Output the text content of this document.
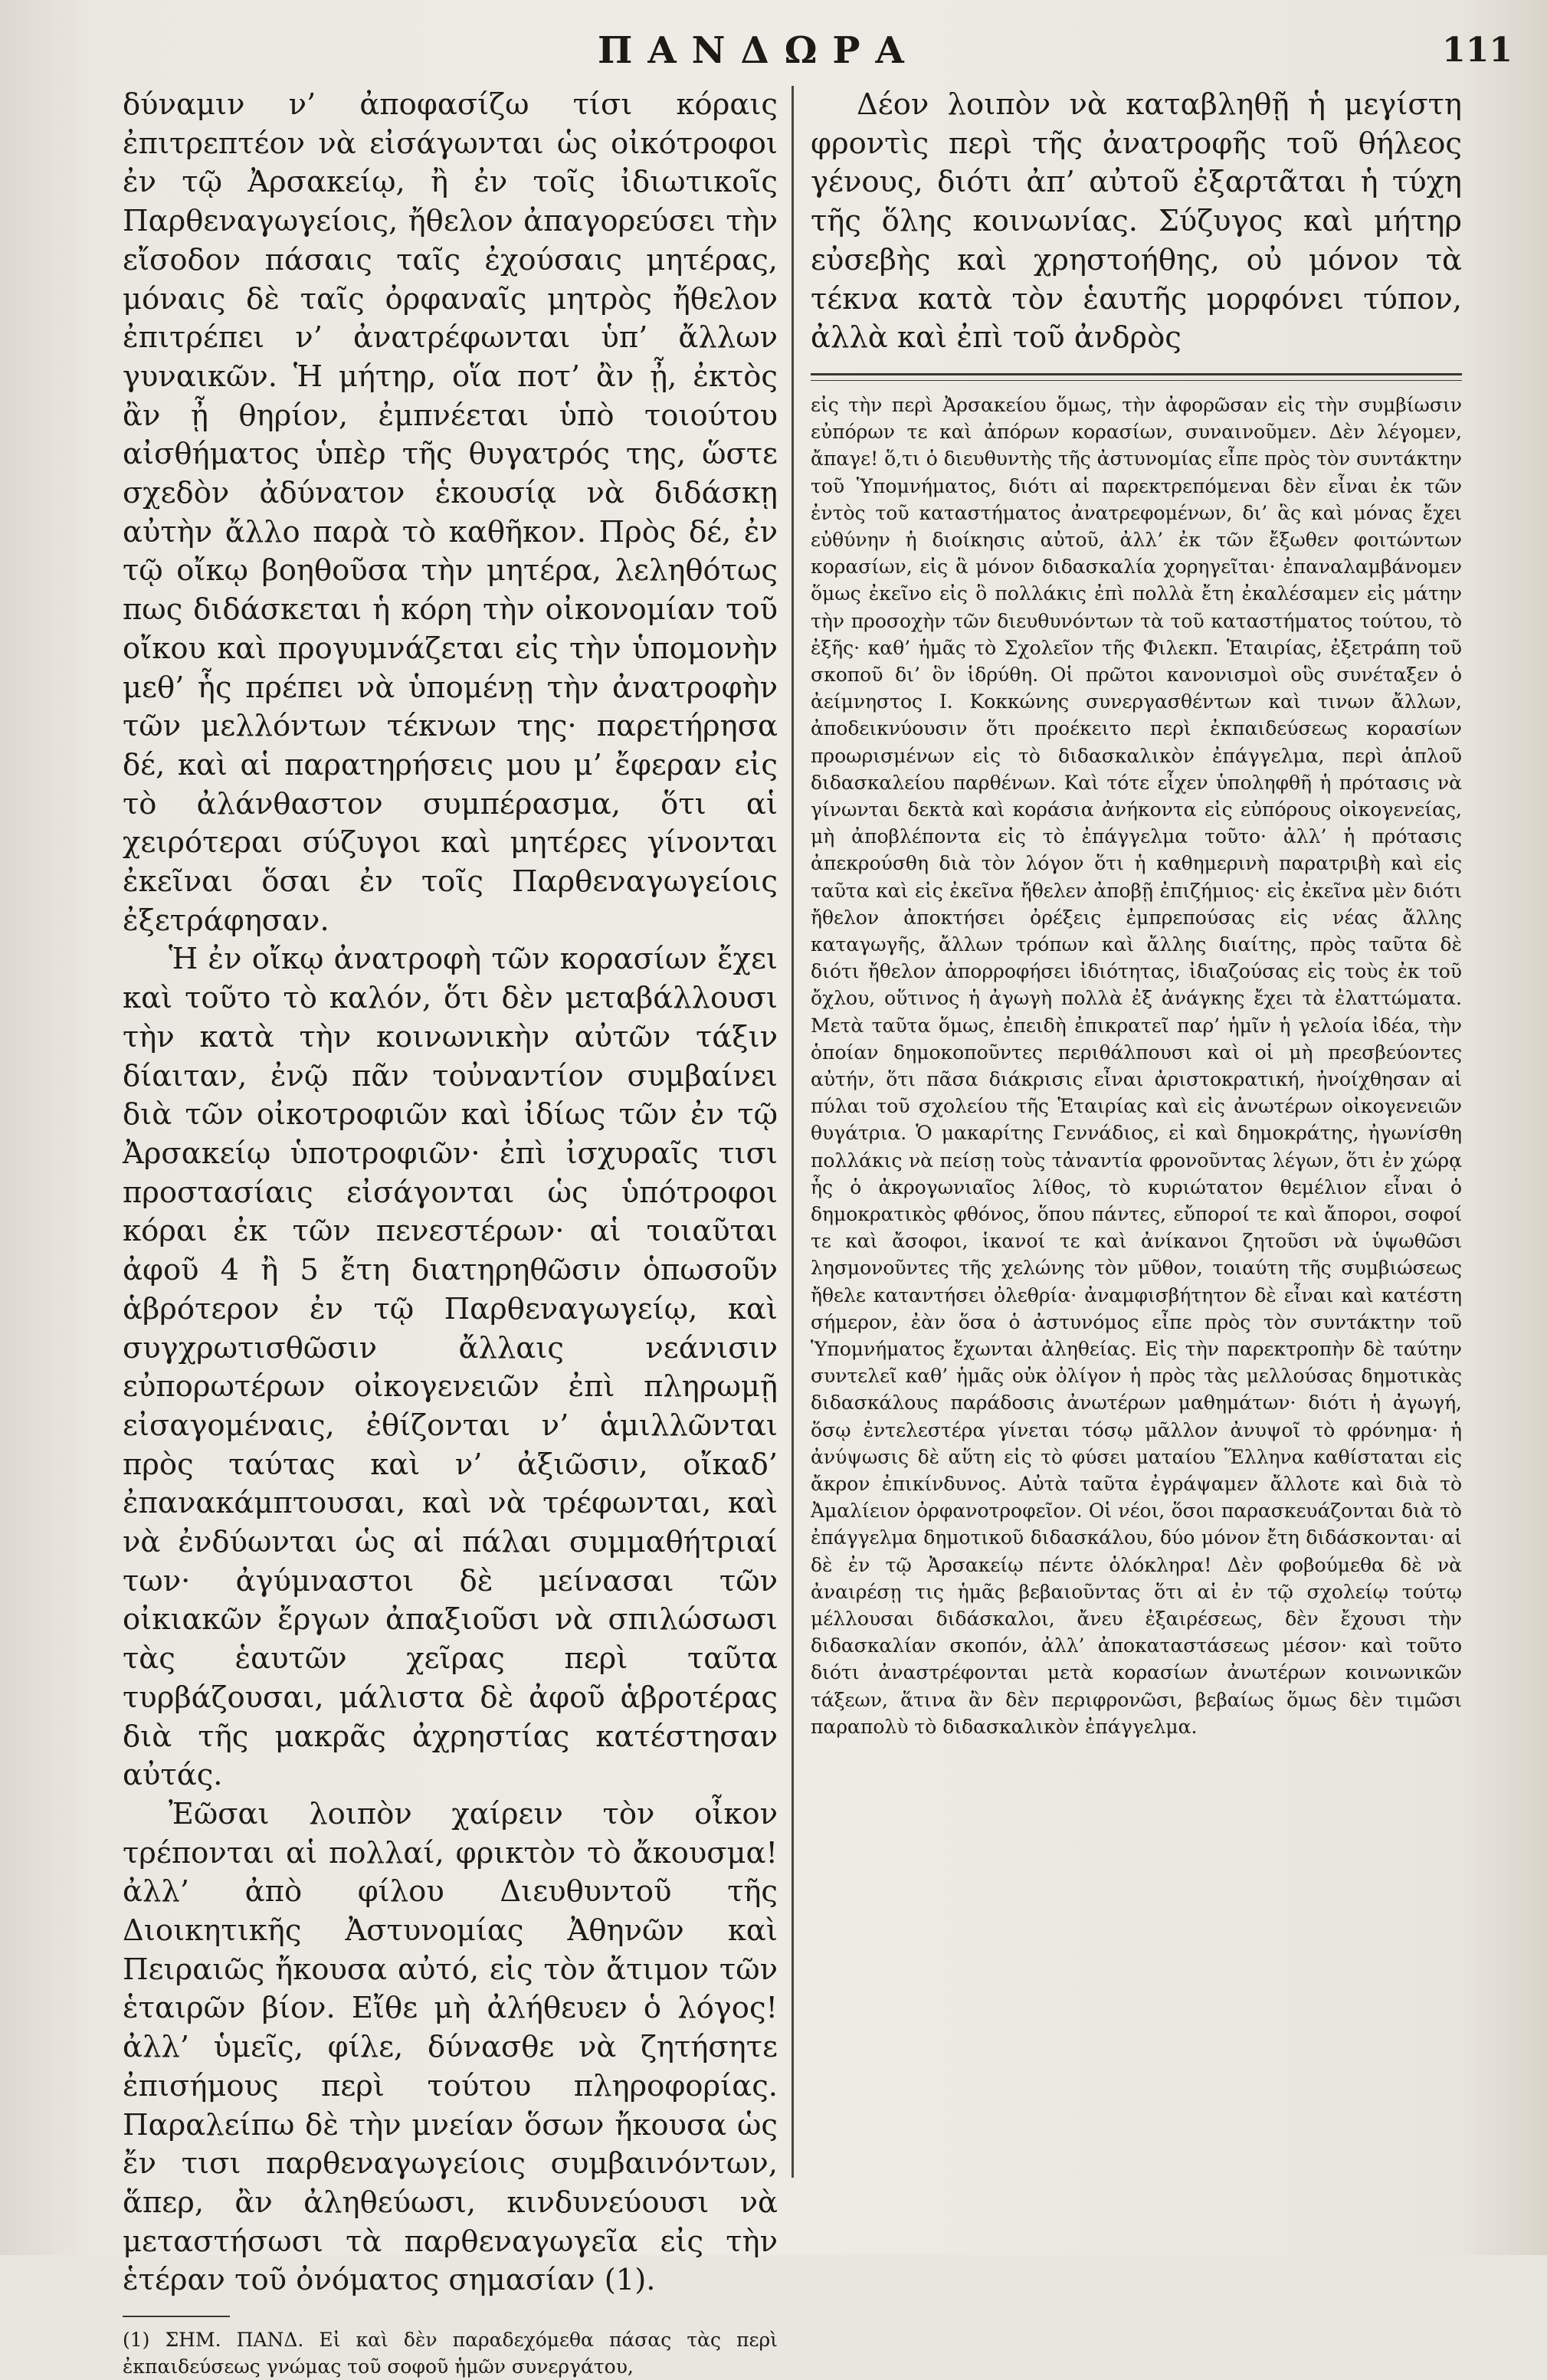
ΠΑΝΔΩΡΑ	111

δύναμιν ν’ ἀποφασίζω τίσι κόραις ἐπιτρεπτέον νὰ εἰσάγωνται ὡς οἰκότροφοι ἐν τῷ Ἀρσακείῳ, ἢ ἐν τοῖς ἰδιωτικοῖς Παρθεναγωγείοις, ἤθελον ἀπαγορεύσει τὴν εἴσοδον πάσαις ταῖς ἐχούσαις μητέρας, μόναις δὲ ταῖς ὀρφαναῖς μητρὸς ἤθελον ἐπιτρέπει ν’ ἀνατρέφωνται ὑπ’ ἄλλων γυναικῶν. Ἡ μήτηρ, οἵα ποτ’ ἂν ᾖ, ἐκτὸς ἂν ᾖ θηρίον, ἐμπνέεται ὑπὸ τοιούτου αἰσθήματος ὑπὲρ τῆς θυγατρός της, ὥστε σχεδὸν ἀδύνατον ἑκουσίᾳ νὰ διδάσκῃ αὐτὴν ἄλλο παρὰ τὸ καθῆκον. Πρὸς δέ, ἐν τῷ οἴκῳ βοηθοῦσα τὴν μητέρα, λεληθότως πως διδάσκεται ἡ κόρη τὴν οἰκονομίαν τοῦ οἴκου καὶ προγυμνάζεται εἰς τὴν ὑπομονὴν μεθ’ ἧς πρέπει νὰ ὑπομένῃ τὴν ἀνατροφὴν τῶν μελλόντων τέκνων της· παρετήρησα δέ, καὶ αἱ παρατηρήσεις μου μ’ ἔφεραν εἰς τὸ ἀλάνθαστον συμπέρασμα, ὅτι αἱ χειρότεραι σύζυγοι καὶ μητέρες γίνονται ἐκεῖναι ὅσαι ἐν τοῖς Παρθεναγωγείοις ἐξετράφησαν.

Ἡ ἐν οἴκῳ ἀνατροφὴ τῶν κορασίων ἔχει καὶ τοῦτο τὸ καλόν, ὅτι δὲν μεταβάλλουσι τὴν κατὰ τὴν κοινωνικὴν αὐτῶν τάξιν δίαιταν, ἐνῷ πᾶν τοὐναντίον συμβαίνει διὰ τῶν οἰκοτροφιῶν καὶ ἰδίως τῶν ἐν τῷ Ἀρσακείῳ ὑποτροφιῶν· ἐπὶ ἰσχυραῖς τισι προστασίαις εἰσάγονται ὡς ὑπότροφοι κόραι ἐκ τῶν πενεστέρων· αἱ τοιαῦται ἀφοῦ 4 ἢ 5 ἔτη διατηρηθῶσιν ὁπωσοῦν ἁβρότερον ἐν τῷ Παρθεναγωγείῳ, καὶ συγχρωτισθῶσιν ἄλλαις νεάνισιν εὐπορωτέρων οἰκογενειῶν ἐπὶ πληρωμῇ εἰσαγομέναις, ἐθίζονται ν’ ἁμιλλῶνται πρὸς ταύτας καὶ ν’ ἀξιῶσιν, οἴκαδ’ ἐπανακάμπτουσαι, καὶ νὰ τρέφωνται, καὶ νὰ ἐνδύωνται ὡς αἱ πάλαι συμμαθήτριαί των· ἀγύμναστοι δὲ μείνασαι τῶν οἰκιακῶν ἔργων ἀπαξιοῦσι νὰ σπιλώσωσι τὰς ἑαυτῶν χεῖρας περὶ ταῦτα τυρβάζουσαι, μάλιστα δὲ ἀφοῦ ἁβροτέρας διὰ τῆς μακρᾶς ἀχρηστίας κατέστησαν αὐτάς.

Ἐῶσαι λοιπὸν χαίρειν τὸν οἶκον τρέπονται αἱ πολλαί, φρικτὸν τὸ ἄκουσμα! ἀλλ’ ἀπὸ φίλου Διευθυντοῦ τῆς Διοικητικῆς Ἀστυνομίας Ἀθηνῶν καὶ Πειραιῶς ἤκουσα αὐτό, εἰς τὸν ἄτιμον τῶν ἑταιρῶν βίον. Εἴθε μὴ ἀλήθευεν ὁ λόγος! ἀλλ’ ὑμεῖς, φίλε, δύνασθε νὰ ζητήσητε ἐπισήμους περὶ τούτου πληροφορίας. Παραλείπω δὲ τὴν μνείαν ὅσων ἤκουσα ὡς ἔν τισι παρθεναγωγείοις συμβαινόντων, ἅπερ, ἂν ἀληθεύωσι, κινδυνεύουσι νὰ μεταστήσωσι τὰ παρθεναγωγεῖα εἰς τὴν ἑτέραν τοῦ ὀνόματος σημασίαν (1).

(1) ΣΗΜ. ΠΑΝΔ. Εἰ καὶ δὲν παραδεχόμεθα πάσας τὰς περὶ ἐκπαιδεύσεως γνώμας τοῦ σοφοῦ ἡμῶν συνεργάτου,

Δέον λοιπὸν νὰ καταβληθῇ ἡ μεγίστη φροντὶς περὶ τῆς ἀνατροφῆς τοῦ θήλεος γένους, διότι ἀπ’ αὐτοῦ ἐξαρτᾶται ἡ τύχη τῆς ὅλης κοινωνίας. Σύζυγος καὶ μήτηρ εὐσεβὴς καὶ χρηστοήθης, οὐ μόνον τὰ τέκνα κατὰ τὸν ἑαυτῆς μορφόνει τύπον, ἀλλὰ καὶ ἐπὶ τοῦ ἀνδρὸς

εἰς τὴν περὶ Ἀρσακείου ὅμως, τὴν ἀφορῶσαν εἰς τὴν συμβίωσιν εὐπόρων τε καὶ ἀπόρων κορασίων, συναινοῦμεν. Δὲν λέγομεν, ἄπαγε! ὅ,τι ὁ διευθυντὴς τῆς ἀστυνομίας εἶπε πρὸς τὸν συντάκτην τοῦ Ὑπομνήματος, διότι αἱ παρεκτρεπόμεναι δὲν εἶναι ἐκ τῶν ἐντὸς τοῦ καταστήματος ἀνατρεφομένων, δι’ ἃς καὶ μόνας ἔχει εὐθύνην ἡ διοίκησις αὐτοῦ, ἀλλ’ ἐκ τῶν ἔξωθεν φοιτώντων κορασίων, εἰς ἃ μόνον διδασκαλία χορηγεῖται· ἐπαναλαμβάνομεν ὅμως ἐκεῖνο εἰς ὃ πολλάκις ἐπὶ πολλὰ ἔτη ἐκαλέσαμεν εἰς μάτην τὴν προσοχὴν τῶν διευθυνόντων τὰ τοῦ καταστήματος τούτου, τὸ ἐξῆς· καθ’ ἡμᾶς τὸ Σχολεῖον τῆς Φιλεκπ. Ἑταιρίας, ἐξετράπη τοῦ σκοποῦ δι’ ὃν ἱδρύθη. Οἱ πρῶτοι κανονισμοὶ οὓς συνέταξεν ὁ ἀείμνηστος Ι. Κοκκώνης συνεργασθέντων καὶ τινων ἄλλων, ἀποδεικνύουσιν ὅτι προέκειτο περὶ ἐκπαιδεύσεως κορασίων προωρισμένων εἰς τὸ διδασκαλικὸν ἐπάγγελμα, περὶ ἁπλοῦ διδασκαλείου παρθένων. Καὶ τότε εἶχεν ὑποληφθῆ ἡ πρότασις νὰ γίνωνται δεκτὰ καὶ κοράσια ἀνήκοντα εἰς εὐπόρους οἰκογενείας, μὴ ἀποβλέποντα εἰς τὸ ἐπάγγελμα τοῦτο· ἀλλ’ ἡ πρότασις ἀπεκρούσθη διὰ τὸν λόγον ὅτι ἡ καθημερινὴ παρατριβὴ καὶ εἰς ταῦτα καὶ εἰς ἐκεῖνα ἤθελεν ἀποβῇ ἐπιζήμιος· εἰς ἐκεῖνα μὲν διότι ἤθελον ἀποκτήσει ὀρέξεις ἐμπρεπούσας εἰς νέας ἄλλης καταγωγῆς, ἄλλων τρόπων καὶ ἄλλης διαίτης, πρὸς ταῦτα δὲ διότι ἤθελον ἀπορροφήσει ἰδιότητας, ἰδιαζούσας εἰς τοὺς ἐκ τοῦ ὄχλου, οὕτινος ἡ ἀγωγὴ πολλὰ ἐξ ἀνάγκης ἔχει τὰ ἐλαττώματα. Μετὰ ταῦτα ὅμως, ἐπειδὴ ἐπικρατεῖ παρ’ ἡμῖν ἡ γελοία ἰδέα, τὴν ὁποίαν δημοκοποῦντες περιθάλπουσι καὶ οἱ μὴ πρεσβεύοντες αὐτήν, ὅτι πᾶσα διάκρισις εἶναι ἀριστοκρατική, ἠνοίχθησαν αἱ πύλαι τοῦ σχολείου τῆς Ἑταιρίας καὶ εἰς ἀνωτέρων οἰκογενειῶν θυγάτρια. Ὁ μακαρίτης Γεννάδιος, εἰ καὶ δημοκράτης, ἠγωνίσθη πολλάκις νὰ πείσῃ τοὺς τἀναντία φρονοῦντας λέγων, ὅτι ἐν χώρᾳ ἧς ὁ ἀκρογωνιαῖος λίθος, τὸ κυριώτατον θεμέλιον εἶναι ὁ δημοκρατικὸς φθόνος, ὅπου πάντες, εὔποροί τε καὶ ἄποροι, σοφοί τε καὶ ἄσοφοι, ἱκανοί τε καὶ ἀνίκανοι ζητοῦσι νὰ ὑψωθῶσι λησμονοῦντες τῆς χελώνης τὸν μῦθον, τοιαύτη τῆς συμβιώσεως ἤθελε καταντήσει ὀλεθρία· ἀναμφισβήτητον δὲ εἶναι καὶ κατέστη σήμερον, ἐὰν ὅσα ὁ ἀστυνόμος εἶπε πρὸς τὸν συντάκτην τοῦ Ὑπομνήματος ἔχωνται ἀληθείας. Εἰς τὴν παρεκτροπὴν δὲ ταύτην συντελεῖ καθ’ ἡμᾶς οὐκ ὀλίγον ἡ πρὸς τὰς μελλούσας δημοτικὰς διδασκάλους παράδοσις ἀνωτέρων μαθημάτων· διότι ἡ ἀγωγή, ὅσῳ ἐντελεστέρα γίνεται τόσῳ μᾶλλον ἀνυψοῖ τὸ φρόνημα· ἡ ἀνύψωσις δὲ αὕτη εἰς τὸ φύσει ματαίου Ἕλληνα καθίσταται εἰς ἄκρον ἐπικίνδυνος. Αὐτὰ ταῦτα ἐγράψαμεν ἄλλοτε καὶ διὰ τὸ Ἀμαλίειον ὀρφανοτροφεῖον. Οἱ νέοι, ὅσοι παρασκευάζονται διὰ τὸ ἐπάγγελμα δημοτικοῦ διδασκάλου, δύο μόνον ἔτη διδάσκονται· αἱ δὲ ἐν τῷ Ἀρσακείῳ πέντε ὁλόκληρα! Δὲν φοβούμεθα δὲ νὰ ἀναιρέσῃ τις ἡμᾶς βεβαιοῦντας ὅτι αἱ ἐν τῷ σχολείῳ τούτῳ μέλλουσαι διδάσκαλοι, ἄνευ ἐξαιρέσεως, δὲν ἔχουσι τὴν διδασκαλίαν σκοπόν, ἀλλ’ ἀποκαταστάσεως μέσον· καὶ τοῦτο διότι ἀναστρέφονται μετὰ κορασίων ἀνωτέρων κοινωνικῶν τάξεων, ἅτινα ἂν δὲν περιφρονῶσι, βεβαίως ὅμως δὲν τιμῶσι παραπολὺ τὸ διδασκαλικὸν ἐπάγγελμα.
